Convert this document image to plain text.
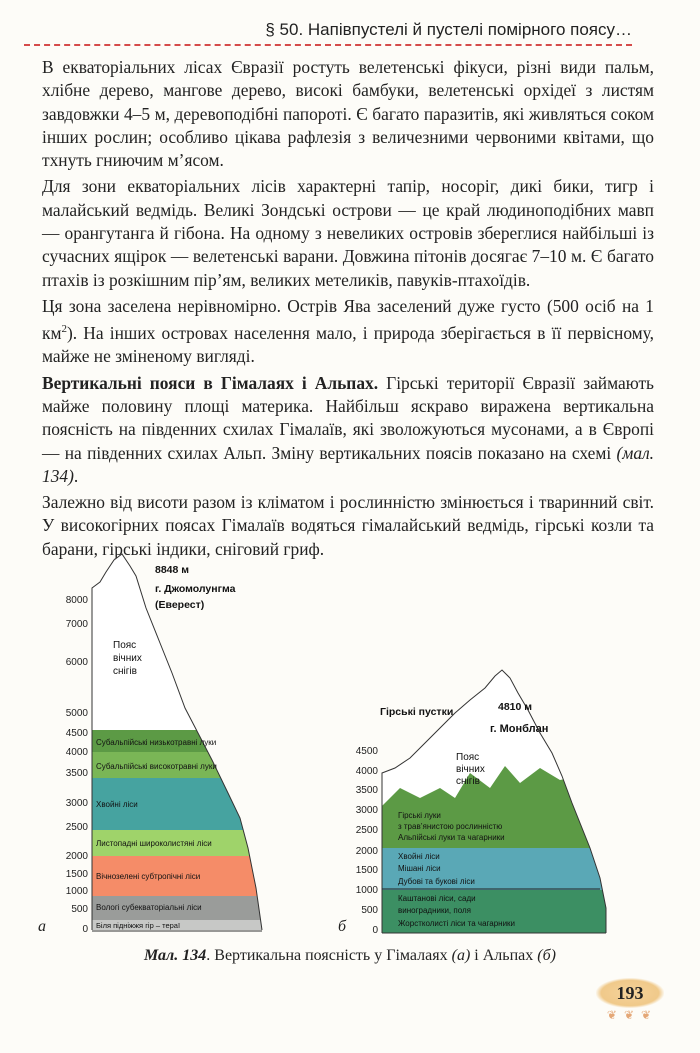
§ 50. Напівпустелі й пустелі помірного поясу…

В екваторіальних лісах Євразії ростуть велетенські фікуси, різні види пальм, хлібне дерево, мангове дерево, високі бамбуки, велетенські орхідеї з листям завдовжки 4–5 м, деревоподібні папороті. Є багато паразитів, які живляться соком інших рослин; особливо цікава рафлезія з величезними червоними квітами, що тхнуть гниючим м’ясом.

Для зони екваторіальних лісів характерні тапір, носоріг, дикі бики, тигр і малайський ведмідь. Великі Зондські острови — це край людиноподібних мавп — орангутанга й гібона. На одному з невеликих островів збереглися найбільші із сучасних ящірок — велетенські варани. Довжина пітонів досягає 7–10 м. Є багато птахів із розкішним пір’ям, великих метеликів, павуків-птахоїдів.

Ця зона заселена нерівномірно. Острів Ява заселений дуже густо (500 осіб на 1 $км^2$). На інших островах населення мало, і природа зберігається в її первісному, майже не зміненому вигляді.

Вертикальні пояси в Гімалаях і Альпах. Гірські території Євразії займають майже половину площі материка. Найбільш яскраво виражена вертикальна поясність на південних схилах Гімалаїв, які зволожуються мусонами, а в Європі — на південних схилах Альп. Зміну вертикальних поясів показано на схемі (мал. 134).

Залежно від висоти разом із кліматом і рослинністю змінюється і тваринний світ. У високогірних поясах Гімалаїв водяться гімалайський ведмідь, гірські козли та барани, гірські індики, сніговий гриф.

8000
7000
6000
5000
4500
4000
3500
3000
2500
2000
1500
1000
500
0
8848 м
г. Джомолунгма
(Еверест)
Пояс
вічних
снігів
Субальпійські низькотравні луки
Субальпійські високотравні луки
Хвойні ліси
Листопадні широколистяні ліси
Вічнозелені субтропічні ліси
Вологі субекваторіальні ліси
Біля підніжжя гір – тераї
4500
4000
3500
3000
2500
2000
1500
1000
500
0
Гірські пустки	4810 м
г. Монблан
Пояс
вічних
снігів
Гірські луки
з трав’янистою рослинністю
Альпійські луки та чагарники
Хвойні ліси
Мішані ліси
Дубові та букові ліси
Каштанові ліси, сади
виноградники, поля
Жорстколисті ліси та чагарники
а	б
Мал. 134. Вертикальна поясність у Гімалаях (а) і Альпах (б)
193
❦ ❦ ❦
